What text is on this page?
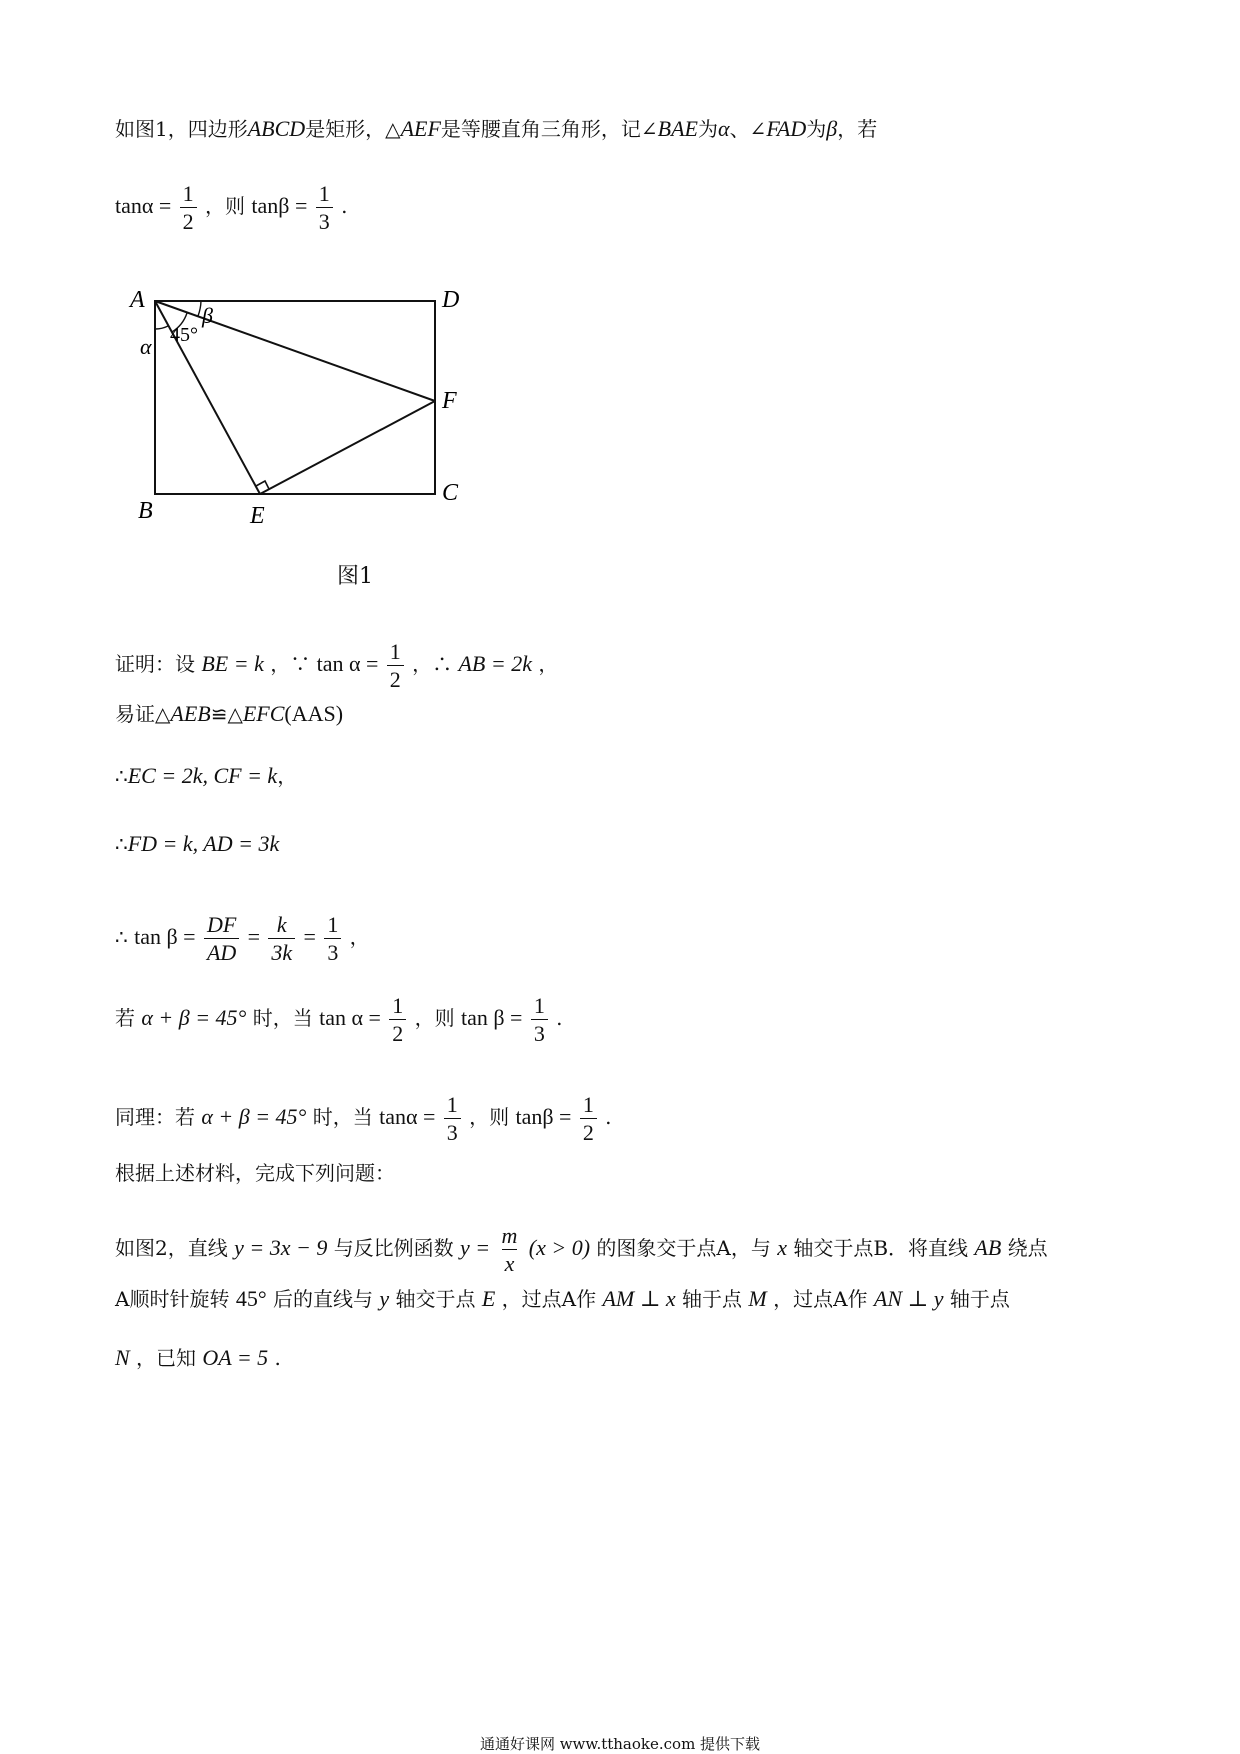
如图1，四边形ABCD是矩形，△AEF是等腰直角三角形，记∠BAE为α、∠FAD为β，若
$\tan\alpha = \frac{1}{2}$ ，则 $\tan\beta = \frac{1}{3}$ .
A	D
F
C
B	E
45°
α
β
图1
证明：设 BE = k ，∵ $\tan \alpha = \frac{1}{2}$ ，∴ AB = 2k ，
易证△AEB≌△EFC(AAS)
∴EC = 2k, CF = k，
∴FD = k, AD = 3k
∴ $\tan \beta = \frac{DF}{AD} = \frac{k}{3k} = \frac{1}{3}$ ，
若 α + β = 45° 时，当 $\tan \alpha = \frac{1}{2}$ ，则 $\tan \beta = \frac{1}{3}$ .
同理：若 α + β = 45° 时，当 $\tan\alpha = \frac{1}{3}$ ，则 $\tan\beta = \frac{1}{2}$ .
根据上述材料，完成下列问题：
如图2，直线 y = 3x − 9 与反比例函数 $y = \frac{m}{x} (x > 0)$ 的图象交于点A，与 x 轴交于点B．将直线 AB 绕点
A顺时针旋转 45° 后的直线与 y 轴交于点 E ，过点A作 AM ⊥ x 轴于点 M ，过点A作 AN ⊥ y 轴于点
N ，已知 OA = 5 .
通通好课网 www.tthaoke.com 提供下载
